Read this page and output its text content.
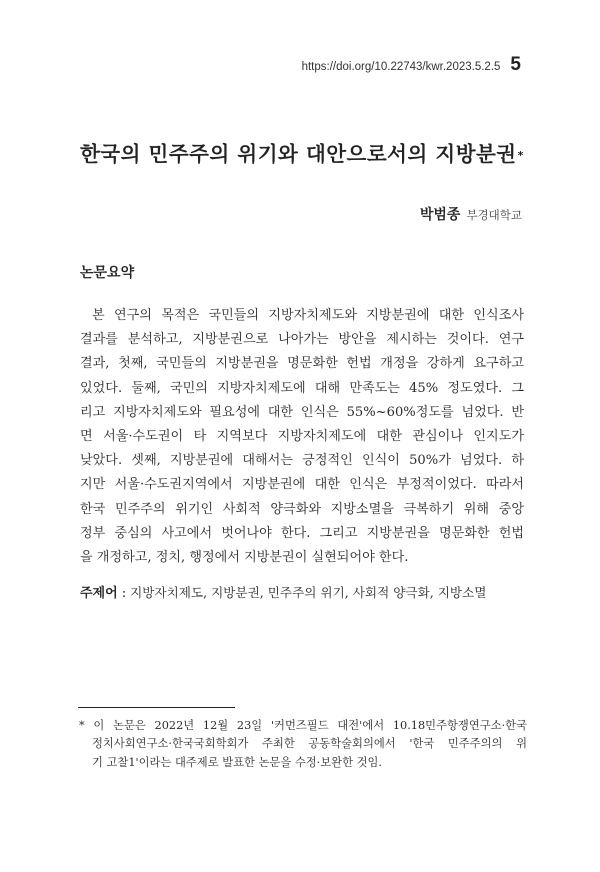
https://doi.org/10.22743/kwr.2023.5.2.5 5
한국의 민주주의 위기와 대안으로서의 지방분권*
박범종 부경대학교
논문요약
본 연구의 목적은 국민들의 지방자치제도와 지방분권에 대한 인식조사
결과를 분석하고, 지방분권으로 나아가는 방안을 제시하는 것이다. 연구
결과, 첫째, 국민들의 지방분권을 명문화한 헌법 개정을 강하게 요구하고
있었다. 둘째, 국민의 지방자치제도에 대해 만족도는 45% 정도였다. 그
리고 지방자치제도와 필요성에 대한 인식은 55%~60%정도를 넘었다. 반
면 서울·수도권이 타 지역보다 지방자치제도에 대한 관심이나 인지도가
낮았다. 셋째, 지방분권에 대해서는 긍정적인 인식이 50%가 넘었다. 하
지만 서울·수도권지역에서 지방분권에 대한 인식은 부정적이었다. 따라서
한국 민주주의 위기인 사회적 양극화와 지방소멸을 극복하기 위해 중앙
정부 중심의 사고에서 벗어나야 한다. 그리고 지방분권을 명문화한 헌법
을 개정하고, 정치, 행정에서 지방분권이 실현되어야 한다.

주제어 : 지방자치제도, 지방분권, 민주주의 위기, 사회적 양극화, 지방소멸

* 이 논문은 2022년 12월 23일 '커먼즈필드 대전'에서 10.18민주항쟁연구소·한국
정치사회연구소·한국국회학회가 주최한 공동학술회의에서 '한국 민주주의의 위
기 고찰1'이라는 대주제로 발표한 논문을 수정·보완한 것임.
